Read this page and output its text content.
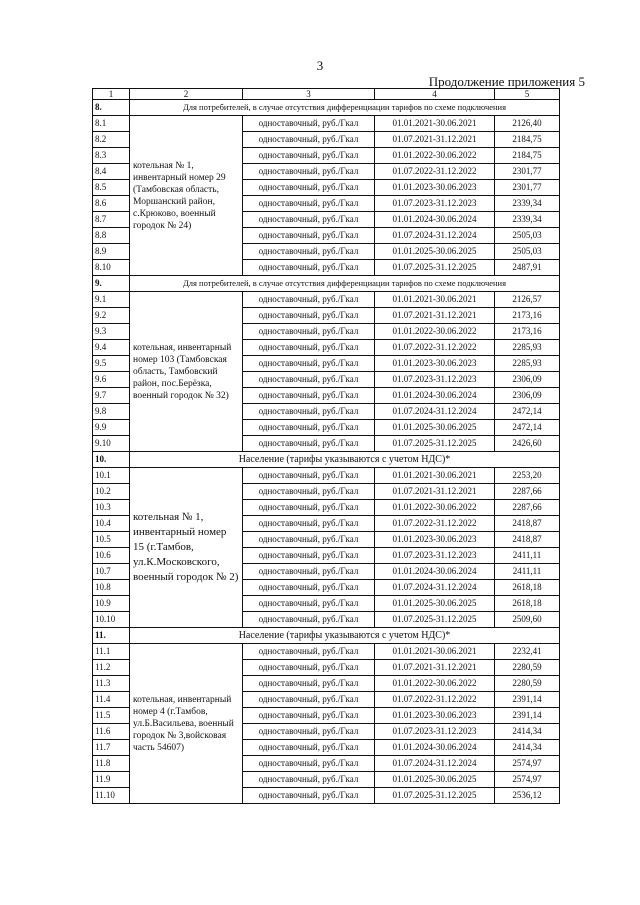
3
Продолжение приложения 5
1	2	3	4	5
8.	Для потребителей, в случае отсутствия дифференциации тарифов по схеме подключения			
8.1	котельная № 1, инвентарный номер 29 (Тамбовская область, Моршанский район, с.Крюково, военный городок № 24)	одноставочный, руб./Гкал	01.01.2021-30.06.2021	2126,40
8.2		одноставочный, руб./Гкал	01.07.2021-31.12.2021	2184,75
8.3		одноставочный, руб./Гкал	01.01.2022-30.06.2022	2184,75
8.4		одноставочный, руб./Гкал	01.07.2022-31.12.2022	2301,77
8.5		одноставочный, руб./Гкал	01.01.2023-30.06.2023	2301,77
8.6		одноставочный, руб./Гкал	01.07.2023-31.12.2023	2339,34
8.7		одноставочный, руб./Гкал	01.01.2024-30.06.2024	2339,34
8.8		одноставочный, руб./Гкал	01.07.2024-31.12.2024	2505,03
8.9		одноставочный, руб./Гкал	01.01.2025-30.06.2025	2505,03
8.10		одноставочный, руб./Гкал	01.07.2025-31.12.2025	2487,91
9.	Для потребителей, в случае отсутствия дифференциации тарифов по схеме подключения			
9.1	котельная, инвентарный номер 103 (Тамбовская область, Тамбовский район, пос.Берёзка, военный городок № 32)	одноставочный, руб./Гкал	01.01.2021-30.06.2021	2126,57
9.2		одноставочный, руб./Гкал	01.07.2021-31.12.2021	2173,16
9.3		одноставочный, руб./Гкал	01.01.2022-30.06.2022	2173,16
9.4		одноставочный, руб./Гкал	01.07.2022-31.12.2022	2285,93
9.5		одноставочный, руб./Гкал	01.01.2023-30.06.2023	2285,93
9.6		одноставочный, руб./Гкал	01.07.2023-31.12.2023	2306,09
9.7		одноставочный, руб./Гкал	01.01.2024-30.06.2024	2306,09
9.8		одноставочный, руб./Гкал	01.07.2024-31.12.2024	2472,14
9.9		одноставочный, руб./Гкал	01.01.2025-30.06.2025	2472,14
9.10		одноставочный, руб./Гкал	01.07.2025-31.12.2025	2426,60
10.	Население (тарифы указываются с учетом НДС)*			
10.1	котельная № 1, инвентарный номер 15 (г.Тамбов, ул.К.Московского, военный городок № 2)	одноставочный, руб./Гкал	01.01.2021-30.06.2021	2253,20
10.2		одноставочный, руб./Гкал	01.07.2021-31.12.2021	2287,66
10.3		одноставочный, руб./Гкал	01.01.2022-30.06.2022	2287,66
10.4		одноставочный, руб./Гкал	01.07.2022-31.12.2022	2418,87
10.5		одноставочный, руб./Гкал	01.01.2023-30.06.2023	2418,87
10.6		одноставочный, руб./Гкал	01.07.2023-31.12.2023	2411,11
10.7		одноставочный, руб./Гкал	01.01.2024-30.06.2024	2411,11
10.8		одноставочный, руб./Гкал	01.07.2024-31.12.2024	2618,18
10.9		одноставочный, руб./Гкал	01.01.2025-30.06.2025	2618,18
10.10		одноставочный, руб./Гкал	01.07.2025-31.12.2025	2509,60
11.	Население (тарифы указываются с учетом НДС)*			
11.1	котельная, инвентарный номер 4 (г.Тамбов, ул.Б.Васильева, военный городок № 3,войсковая часть 54607)	одноставочный, руб./Гкал	01.01.2021-30.06.2021	2232,41
11.2		одноставочный, руб./Гкал	01.07.2021-31.12.2021	2280,59
11.3		одноставочный, руб./Гкал	01.01.2022-30.06.2022	2280,59
11.4		одноставочный, руб./Гкал	01.07.2022-31.12.2022	2391,14
11.5		одноставочный, руб./Гкал	01.01.2023-30.06.2023	2391,14
11.6		одноставочный, руб./Гкал	01.07.2023-31.12.2023	2414,34
11.7		одноставочный, руб./Гкал	01.01.2024-30.06.2024	2414,34
11.8		одноставочный, руб./Гкал	01.07.2024-31.12.2024	2574,97
11.9		одноставочный, руб./Гкал	01.01.2025-30.06.2025	2574,97
11.10		одноставочный, руб./Гкал	01.07.2025-31.12.2025	2536,12
